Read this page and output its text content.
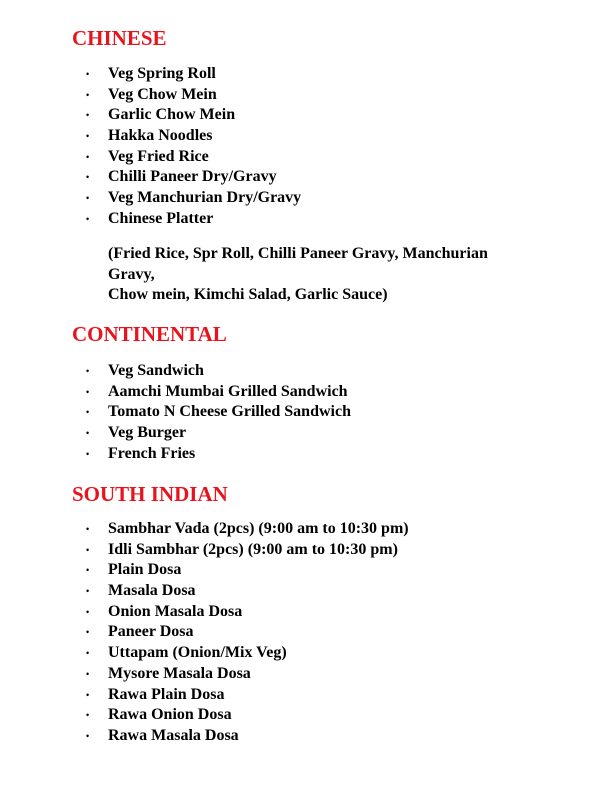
CHINESE
• Veg Spring Roll
• Veg Chow Mein
• Garlic Chow Mein
• Hakka Noodles
• Veg Fried Rice
• Chilli Paneer Dry/Gravy
• Veg Manchurian Dry/Gravy
• Chinese Platter

(Fried Rice, Spr Roll, Chilli Paneer Gravy, Manchurian
Gravy,
Chow mein, Kimchi Salad, Garlic Sauce)

CONTINENTAL
• Veg Sandwich
• Aamchi Mumbai Grilled Sandwich
• Tomato N Cheese Grilled Sandwich
• Veg Burger
• French Fries
SOUTH INDIAN
• Sambhar Vada (2pcs) (9:00 am to 10:30 pm)
• Idli Sambhar (2pcs) (9:00 am to 10:30 pm)
• Plain Dosa
• Masala Dosa
• Onion Masala Dosa
• Paneer Dosa
• Uttapam (Onion/Mix Veg)
• Mysore Masala Dosa
• Rawa Plain Dosa
• Rawa Onion Dosa
• Rawa Masala Dosa
